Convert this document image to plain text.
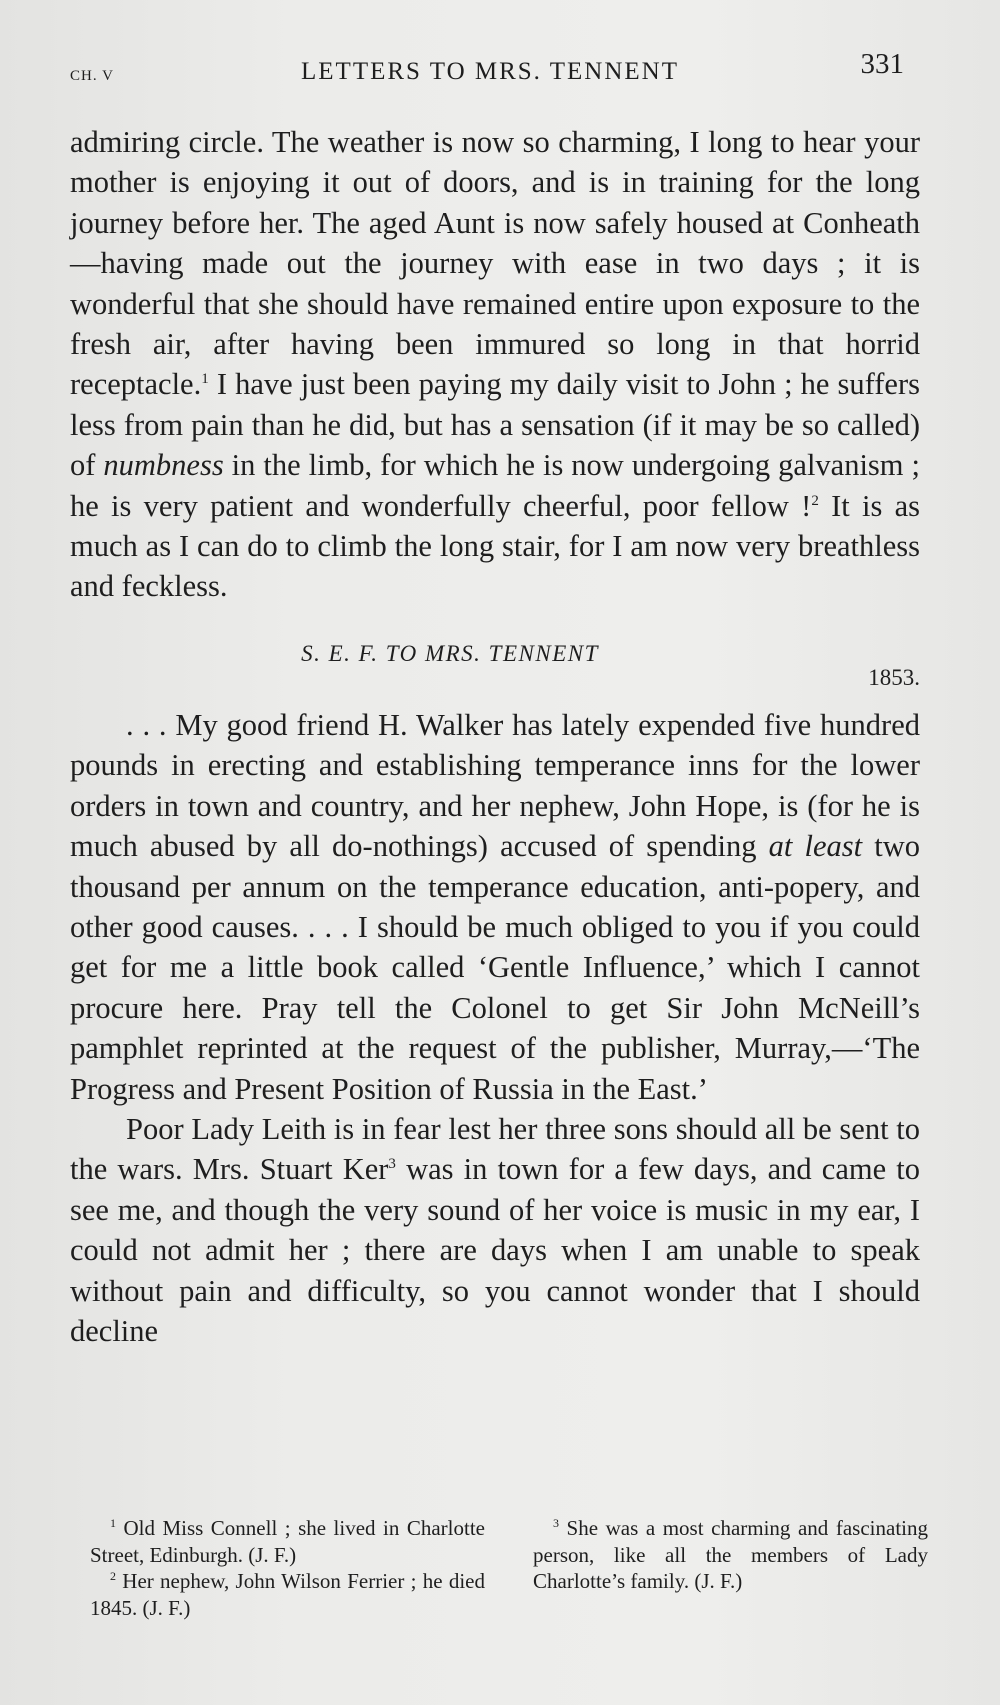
CH. V	LETTERS TO MRS. TENNENT	331

admiring circle. The weather is now so charming, I long to hear your mother is enjoying it out of doors, and is in training for the long journey before her. The aged Aunt is now safely housed at Conheath—having made out the journey with ease in two days ; it is wonderful that she should have remained entire upon exposure to the fresh air, after having been immured so long in that horrid receptacle.$^1$ I have just been paying my daily visit to John ; he suffers less from pain than he did, but has a sensation (if it may be so called) of numbness in the limb, for which he is now undergoing galvanism ; he is very patient and wonderfully cheerful, poor fellow !$^2$ It is as much as I can do to climb the long stair, for I am now very breathless and feckless.

S. E. F. TO MRS. TENNENT
1853.

. . . My good friend H. Walker has lately expended five hundred pounds in erecting and establishing temperance inns for the lower orders in town and country, and her nephew, John Hope, is (for he is much abused by all do-nothings) accused of spending at least two thousand per annum on the temperance education, anti-popery, and other good causes. . . . I should be much obliged to you if you could get for me a little book called ‘Gentle Influence,’ which I cannot procure here. Pray tell the Colonel to get Sir John McNeill’s pamphlet reprinted at the request of the publisher, Murray,—‘The Progress and Present Position of Russia in the East.’

Poor Lady Leith is in fear lest her three sons should all be sent to the wars. Mrs. Stuart Ker$^3$ was in town for a few days, and came to see me, and though the very sound of her voice is music in my ear, I could not admit her ; there are days when I am unable to speak without pain and difficulty, so you cannot wonder that I should decline

$^1$ Old Miss Connell ; she lived in Charlotte Street, Edinburgh. (J. F.)

$^2$ Her nephew, John Wilson Ferrier ; he died 1845. (J. F.)

$^3$ She was a most charming and fascinating person, like all the members of Lady Charlotte’s family. (J. F.)
